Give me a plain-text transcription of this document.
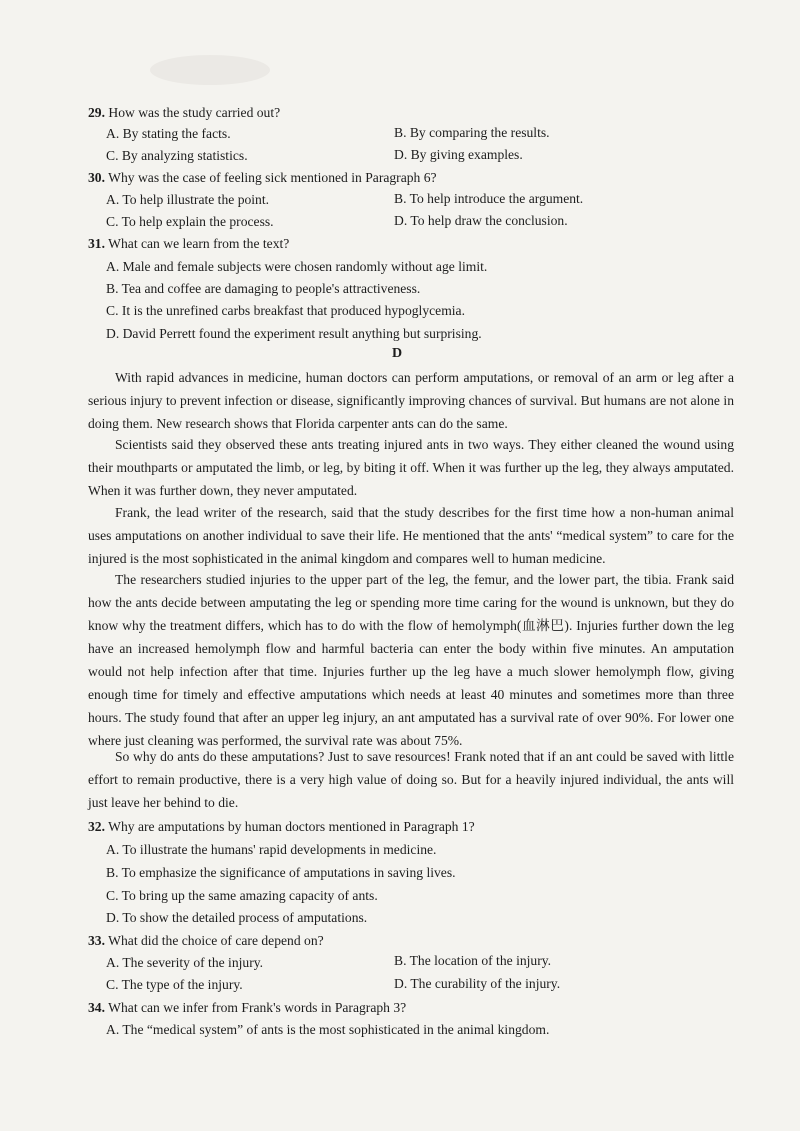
29. How was the study carried out?
A. By stating the facts.	B. By comparing the results.
C. By analyzing statistics.	D. By giving examples.
30. Why was the case of feeling sick mentioned in Paragraph 6?
A. To help illustrate the point.	B. To help introduce the argument.
C. To help explain the process.	D. To help draw the conclusion.
31. What can we learn from the text?
A. Male and female subjects were chosen randomly without age limit.
B. Tea and coffee are damaging to people's attractiveness.
C. It is the unrefined carbs breakfast that produced hypoglycemia.
D. David Perrett found the experiment result anything but surprising.
D

With rapid advances in medicine, human doctors can perform amputations, or removal of an arm or leg after a serious injury to prevent infection or disease, significantly improving chances of survival. But humans are not alone in doing them. New research shows that Florida carpenter ants can do the same.

Scientists said they observed these ants treating injured ants in two ways. They either cleaned the wound using their mouthparts or amputated the limb, or leg, by biting it off. When it was further up the leg, they always amputated. When it was further down, they never amputated.

Frank, the lead writer of the research, said that the study describes for the first time how a non-human animal uses amputations on another individual to save their life. He mentioned that the ants' “medical system” to care for the injured is the most sophisticated in the animal kingdom and compares well to human medicine.

The researchers studied injuries to the upper part of the leg, the femur, and the lower part, the tibia. Frank said how the ants decide between amputating the leg or spending more time caring for the wound is unknown, but they do know why the treatment differs, which has to do with the flow of hemolymph(血淋巴). Injuries further down the leg have an increased hemolymph flow and harmful bacteria can enter the body within five minutes. An amputation would not help infection after that time. Injuries further up the leg have a much slower hemolymph flow, giving enough time for timely and effective amputations which needs at least 40 minutes and sometimes more than three hours. The study found that after an upper leg injury, an ant amputated has a survival rate of over 90%. For lower one where just cleaning was performed, the survival rate was about 75%.

So why do ants do these amputations? Just to save resources! Frank noted that if an ant could be saved with little effort to remain productive, there is a very high value of doing so. But for a heavily injured individual, the ants will just leave her behind to die.

32. Why are amputations by human doctors mentioned in Paragraph 1?
A. To illustrate the humans' rapid developments in medicine.
B. To emphasize the significance of amputations in saving lives.
C. To bring up the same amazing capacity of ants.
D. To show the detailed process of amputations.
33. What did the choice of care depend on?
A. The severity of the injury.	B. The location of the injury.
C. The type of the injury.	D. The curability of the injury.
34. What can we infer from Frank's words in Paragraph 3?
A. The “medical system” of ants is the most sophisticated in the animal kingdom.
